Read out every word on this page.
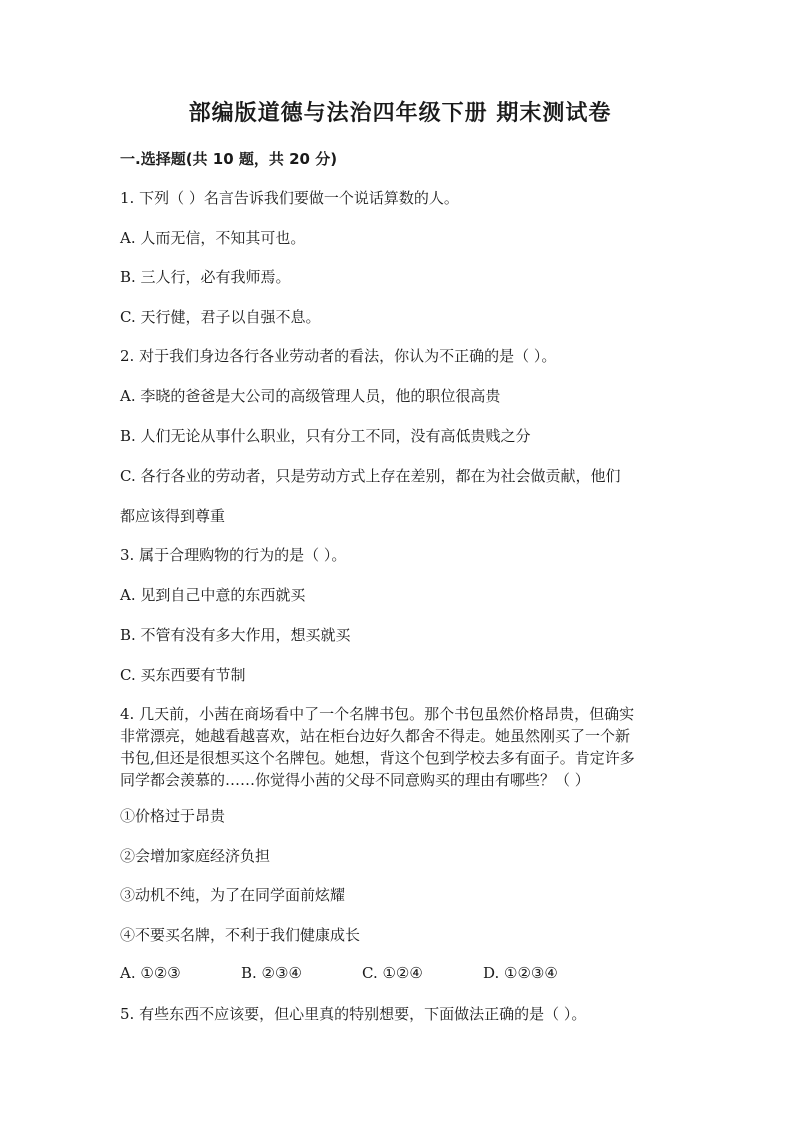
部编版道德与法治四年级下册 期末测试卷
一.选择题(共 10 题，共 20 分)
1. 下列（ ）名言告诉我们要做一个说话算数的人。
A. 人而无信，不知其可也。
B. 三人行，必有我师焉。
C. 天行健，君子以自强不息。
2. 对于我们身边各行各业劳动者的看法，你认为不正确的是（ ）。
A. 李晓的爸爸是大公司的高级管理人员，他的职位很高贵
B. 人们无论从事什么职业，只有分工不同，没有高低贵贱之分
C. 各行各业的劳动者，只是劳动方式上存在差别，都在为社会做贡献，他们
都应该得到尊重
3. 属于合理购物的行为的是（ ）。
A. 见到自己中意的东西就买
B. 不管有没有多大作用，想买就买
C. 买东西要有节制
4. 几天前，小茜在商场看中了一个名牌书包。那个书包虽然价格昂贵，但确实
非常漂亮，她越看越喜欢，站在柜台边好久都舍不得走。她虽然刚买了一个新
书包,但还是很想买这个名牌包。她想，背这个包到学校去多有面子。肯定许多
同学都会羡慕的……你觉得小茜的父母不同意购买的理由有哪些？（ ）
①价格过于昂贵
②会增加家庭经济负担
③动机不纯，为了在同学面前炫耀
④不要买名牌，不利于我们健康成长
A. ①②③	B. ②③④	C. ①②④	D. ①②③④
5. 有些东西不应该要，但心里真的特别想要，下面做法正确的是（ ）。
